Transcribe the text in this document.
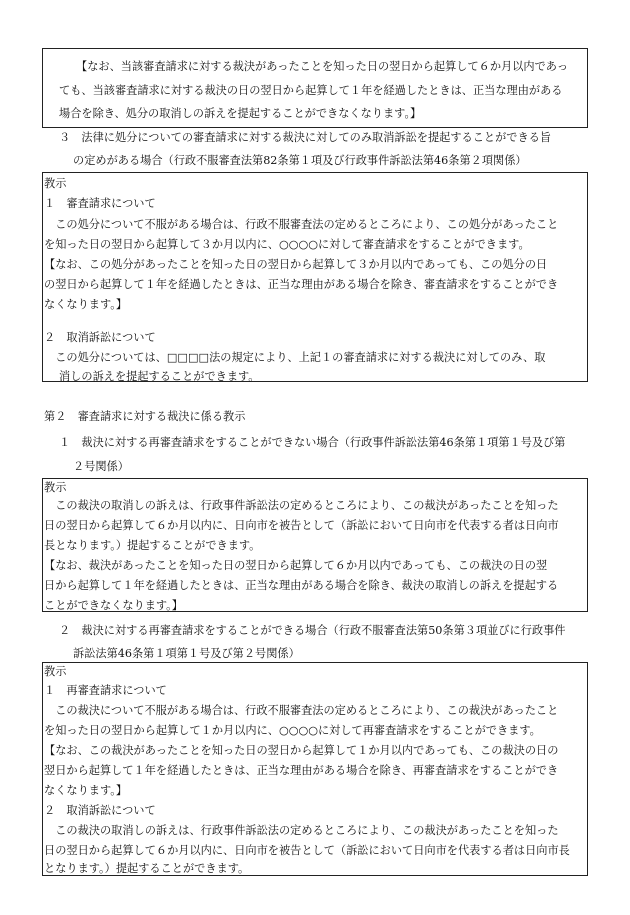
【なお、当該審査請求に対する裁決があったことを知った日の翌日から起算して６か月以内であっ
ても、当該審査請求に対する裁決の日の翌日から起算して１年を経過したときは、正当な理由がある
場合を除き、処分の取消しの訴えを提起することができなくなります。】
３　法律に処分についての審査請求に対する裁決に対してのみ取消訴訟を提起することができる旨
の定めがある場合（行政不服審査法第82条第１項及び行政事件訴訟法第46条第２項関係）
教示
１　審査請求について
　この処分について不服がある場合は、行政不服審査法の定めるところにより、この処分があったこと
を知った日の翌日から起算して３か月以内に、○○○○に対して審査請求をすることができます。
【なお、この処分があったことを知った日の翌日から起算して３か月以内であっても、この処分の日
の翌日から起算して１年を経過したときは、正当な理由がある場合を除き、審査請求をすることができ
なくなります。】
２　取消訴訟について
　この処分については、□□□□法の規定により、上記１の審査請求に対する裁決に対してのみ、取
消しの訴えを提起することができます。
第２　審査請求に対する裁決に係る教示
１　裁決に対する再審査請求をすることができない場合（行政事件訴訟法第46条第１項第１号及び第
２号関係）
教示
　この裁決の取消しの訴えは、行政事件訴訟法の定めるところにより、この裁決があったことを知った
日の翌日から起算して６か月以内に、日向市を被告として（訴訟において日向市を代表する者は日向市
長となります。）提起することができます。
【なお、裁決があったことを知った日の翌日から起算して６か月以内であっても、この裁決の日の翌
日から起算して１年を経過したときは、正当な理由がある場合を除き、裁決の取消しの訴えを提起する
ことができなくなります。】
２　裁決に対する再審査請求をすることができる場合（行政不服審査法第50条第３項並びに行政事件
訴訟法第46条第１項第１号及び第２号関係）
教示
１　再審査請求について
　この裁決について不服がある場合は、行政不服審査法の定めるところにより、この裁決があったこと
を知った日の翌日から起算して１か月以内に、○○○○に対して再審査請求をすることができます。
【なお、この裁決があったことを知った日の翌日から起算して１か月以内であっても、この裁決の日の
翌日から起算して１年を経過したときは、正当な理由がある場合を除き、再審査請求をすることができ
なくなります。】
２　取消訴訟について
　この裁決の取消しの訴えは、行政事件訴訟法の定めるところにより、この裁決があったことを知った
日の翌日から起算して６か月以内に、日向市を被告として（訴訟において日向市を代表する者は日向市長
となります。）提起することができます。
